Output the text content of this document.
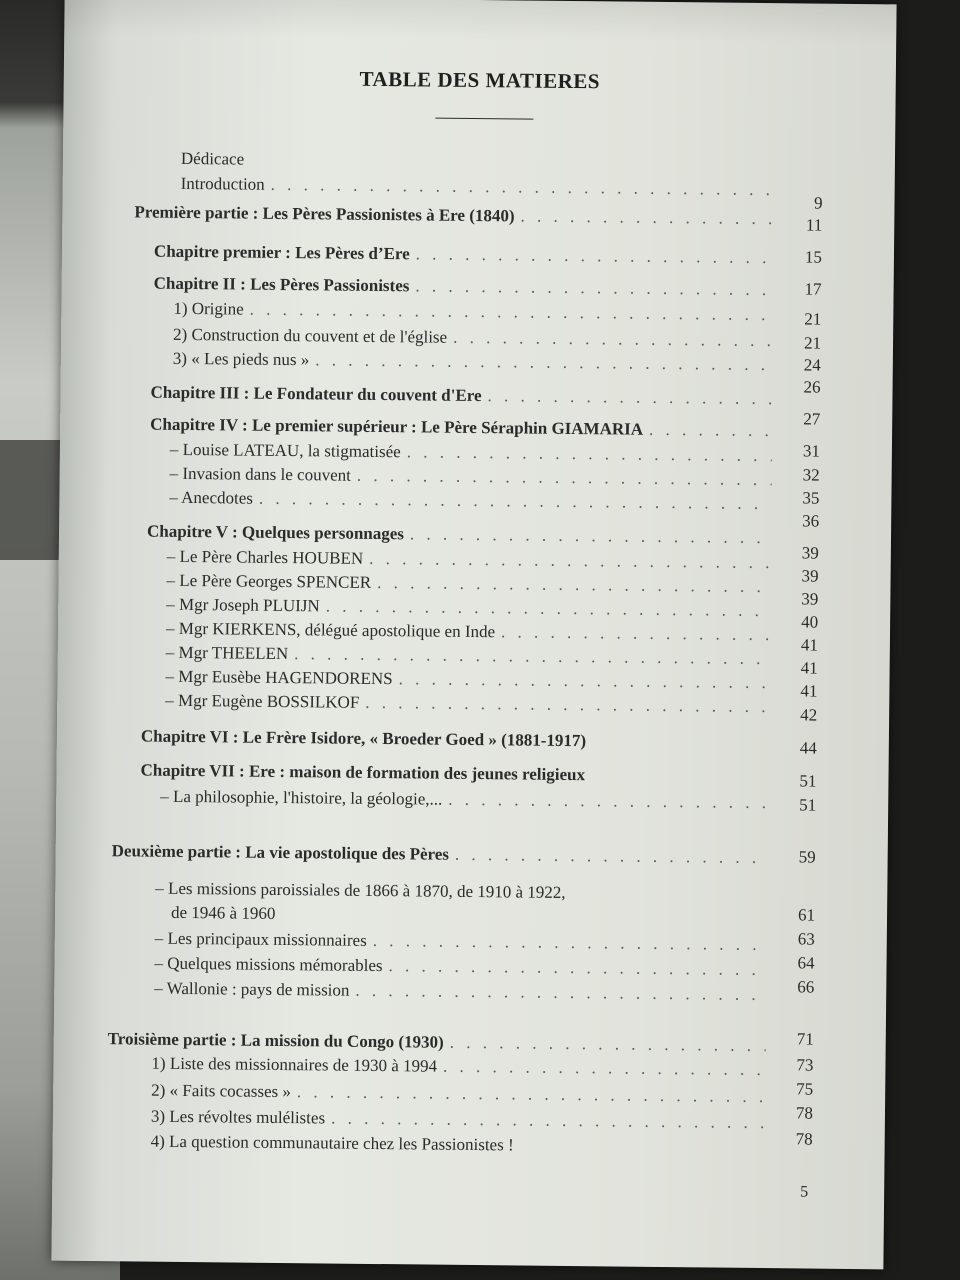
TABLE DES MATIERES
Dédicace
Introduction
. . .
Première partie : Les Pères Passionistes à Ere (1840)
. . .
Chapitre premier : Les Pères d’Ere
. . .
Chapitre II : Les Pères Passionistes
. . .
1) Origine
. . .
2) Construction du couvent et de l'église
. . .
3) « Les pieds nus »
. . .
Chapitre III : Le Fondateur du couvent d'Ere
. . .
Chapitre IV : Le premier supérieur : Le Père Séraphin GIAMARIA
. . .
– Louise LATEAU, la stigmatisée
. . .
– Invasion dans le couvent
. . .
– Anecdotes
. . .
Chapitre V : Quelques personnages
. . .
– Le Père Charles HOUBEN
. . .
– Le Père Georges SPENCER
. . .
– Mgr Joseph PLUIJN
. . .
– Mgr KIERKENS, délégué apostolique en Inde
. . .
– Mgr THEELEN
. . .
– Mgr Eusèbe HAGENDORENS
. . .
– Mgr Eugène BOSSILKOF
. . .
Chapitre VI : Le Frère Isidore, « Broeder Goed » (1881-1917)
Chapitre VII : Ere : maison de formation des jeunes religieux
– La philosophie, l'histoire, la géologie,...
. . .
Deuxième partie : La vie apostolique des Pères
. . .
– Les missions paroissiales de 1866 à 1870, de 1910 à 1922,
de 1946 à 1960
– Les principaux missionnaires
. . .
– Quelques missions mémorables
. . .
– Wallonie : pays de mission
. . .
Troisième partie : La mission du Congo (1930)
. . .
1) Liste des missionnaires de 1930 à 1994
. . .
2) « Faits cocasses »
. . .
3) Les révoltes mulélistes
. . .
4) La question communautaire chez les Passionistes !
9
11
15
17
21
21
24
26
27
31
32
35
36
39
39
39
40
41
41
41
42
44
51
51
59
61
63
64
66
71
73
75
78
78
5
